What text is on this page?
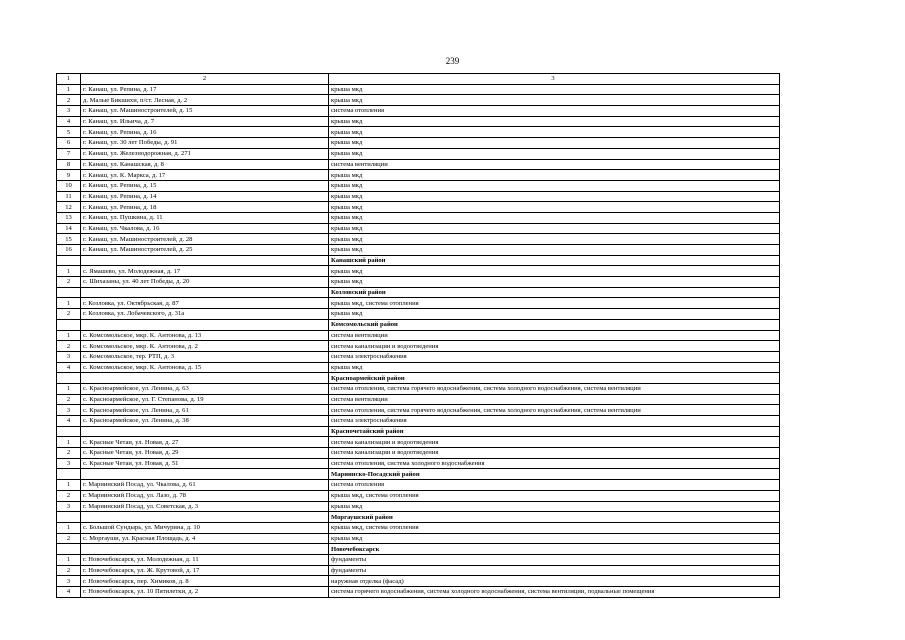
239
1	2	3
1	г. Канаш, ул. Репина, д. 17	крыша мкд
2	д. Малые Бикшихи, п/ст. Лесная, д. 2	крыша мкд
3	г. Канаш, ул. Машиностроителей, д. 15	система отопления
4	г. Канаш, ул. Ильича, д. 7	крыша мкд
5	г. Канаш, ул. Репина, д. 16	крыша мкд
6	г. Канаш, ул. 30 лет Победы, д. 91	крыша мкд
7	г. Канаш, ул. Железнодорожная, д. 271	крыша мкд
8	г. Канаш, ул. Канашская, д. 8	система вентиляции
9	г. Канаш, ул. К. Маркса, д. 17	крыша мкд
10	г. Канаш, ул. Репина, д. 15	крыша мкд
11	г. Канаш, ул. Репина, д. 14	крыша мкд
12	г. Канаш, ул. Репина, д. 18	крыша мкд
13	г. Канаш, ул. Пушкина, д. 11	крыша мкд
14	г. Канаш, ул. Чкалова, д. 16	крыша мкд
15	г. Канаш, ул. Машиностроителей, д. 28	крыша мкд
16	г. Канаш, ул. Машиностроителей, д. 25	крыша мкд
		Канашский район
1	с. Ямашево, ул. Молодежная, д. 17	крыша мкд
2	с. Шихазаны, ул. 40 лет Победы, д. 20	крыша мкд
		Козловский район
1	г. Козловка, ул. Октябрьская, д. 87	крыша мкд, система отопления
2	г. Козловка, ул. Лобачевского, д. 31а	крыша мкд
		Комсомольский район
1	с. Комсомольское, мкр. К. Антонова, д. 13	система вентиляции
2	с. Комсомольское, мкр. К. Антонова, д. 2	система канализации и водоотведения
3	с. Комсомольское, тер. РТП, д. 3	система электроснабжения
4	с. Комсомольское, мкр. К. Антонова, д. 15	крыша мкд
		Красноармейский район
1	с. Красноармейское, ул. Ленина, д. 63	система отопления, система горячего водоснабжения, система холодного водоснабжения, система вентиляции
2	с. Красноармейское, ул. Г. Степанова, д. 19	система вентиляции
3	с. Красноармейское, ул. Ленина, д. 61	система отопления, система горячего водоснабжения, система холодного водоснабжения, система вентиляции
4	с. Красноармейское, ул. Ленина, д. 38	система электроснабжения
		Красночетайский район
1	с. Красные Четаи, ул. Новая, д. 27	система канализации и водоотведения
2	с. Красные Четаи, ул. Новая, д. 29	система канализации и водоотведения
3	с. Красные Четаи, ул. Новая, д. 51	система отопления, система холодного водоснабжения
		Мариинско-Посадский район
1	г. Мариинский Посад, ул. Чкалова, д. 61	система отопления
2	г. Мариинский Посад, ул. Лазо, д. 78	крыша мкд, система отопления
3	г. Мариинский Посад, ул. Советская, д. 3	крыша мкд
		Моргаушский район
1	с. Большой Сундырь, ул. Мичурина, д. 10	крыша мкд, система отопления
2	с. Моргауши, ул. Красная Площадь, д. 4	крыша мкд
		Новочебоксарск
1	г. Новочебоксарск, ул. Молодежная, д. 11	фундаменты
2	г. Новочебоксарск, ул. Ж. Крутовой, д. 17	фундаменты
3	г. Новочебоксарск, пер. Химиков, д. 8	наружная отделка (фасад)
4	г. Новочебоксарск, ул. 10 Пятилетки, д. 2	система горячего водоснабжения, система холодного водоснабжения, система вентиляции, подвальные помещения
